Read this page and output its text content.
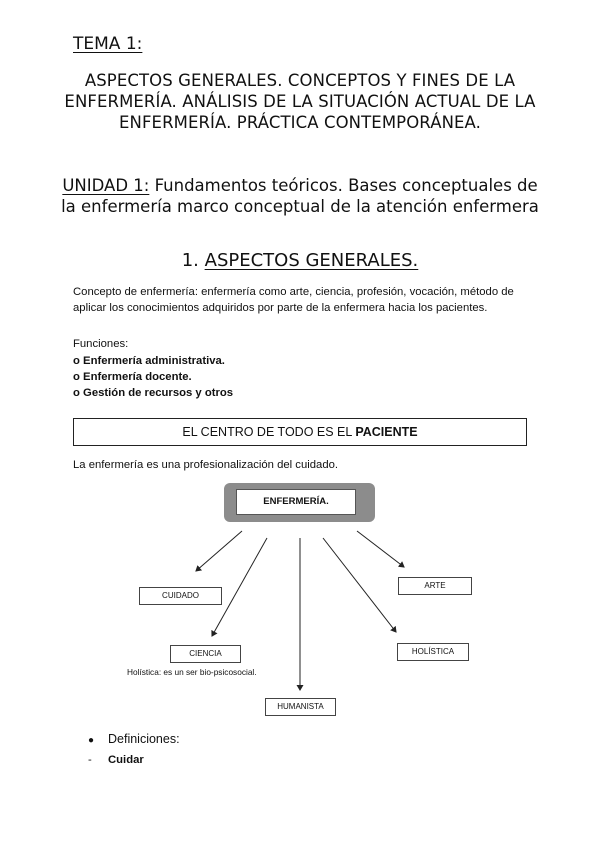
TEMA 1:
ASPECTOS GENERALES. CONCEPTOS Y FINES DE LA ENFERMERÍA. ANÁLISIS DE LA SITUACIÓN ACTUAL DE LA ENFERMERÍA. PRÁCTICA CONTEMPORÁNEA.
UNIDAD 1: Fundamentos teóricos. Bases conceptuales de la enfermería marco conceptual de la atención enfermera
1. ASPECTOS GENERALES.
Concepto de enfermería: enfermería como arte, ciencia, profesión, vocación, método de aplicar los conocimientos adquiridos por parte de la enfermera hacia los pacientes.
Funciones:
o Enfermería administrativa.
o Enfermería docente.
o Gestión de recursos y otros
EL CENTRO DE TODO ES EL PACIENTE
La enfermería es una profesionalización del cuidado.
ENFERMERÍA.
CUIDADO
ARTE
CIENCIA	HOLÍSTICA
HUMANISTA
Holística: es un ser bio-psicosocial.
● Definiciones:
- Cuidar
